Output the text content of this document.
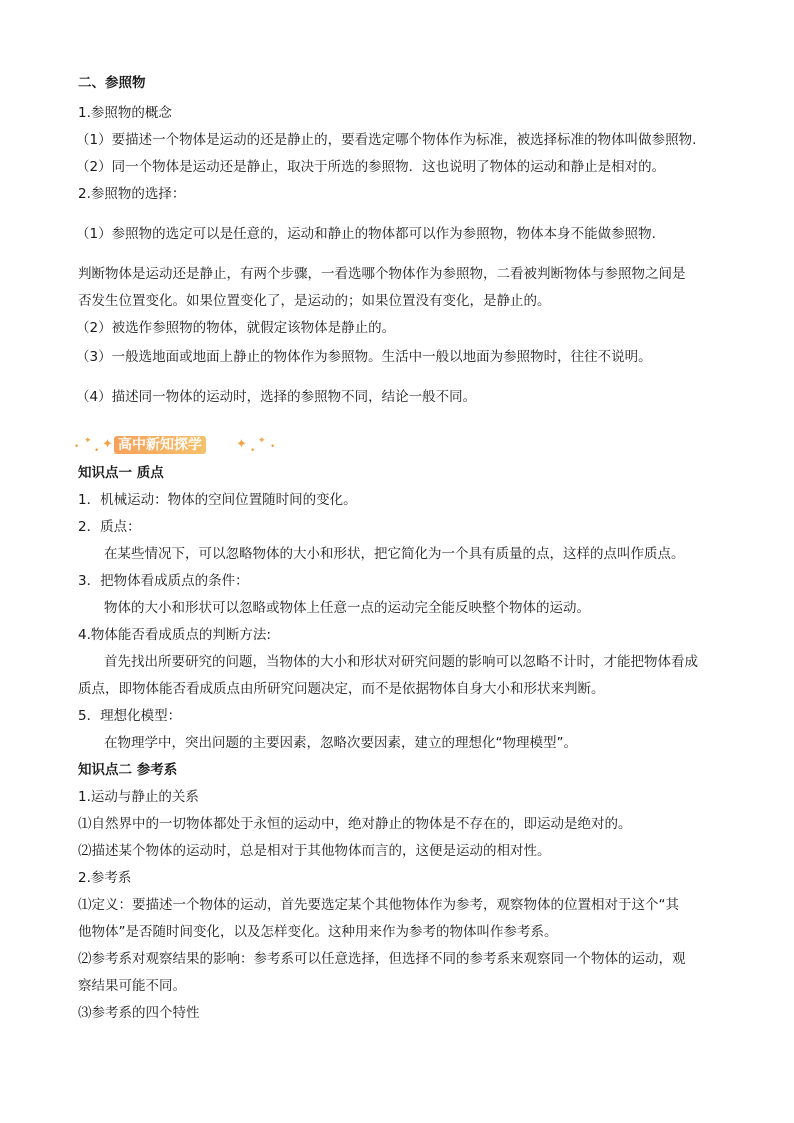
二、参照物
1.参照物的概念
（1）要描述一个物体是运动的还是静止的，要看选定哪个物体作为标准，被选择标准的物体叫做参照物.
（2）同一个物体是运动还是静止，取决于所选的参照物．这也说明了物体的运动和静止是相对的。
2.参照物的选择：
（1）参照物的选定可以是任意的，运动和静止的物体都可以作为参照物，物体本身不能做参照物.
判断物体是运动还是静止，有两个步骤，一看选哪个物体作为参照物，二看被判断物体与参照物之间是
否发生位置变化。如果位置变化了，是运动的；如果位置没有变化，是静止的。
（2）被选作参照物的物体，就假定该物体是静止的。
（3）一般选地面或地面上静止的物体作为参照物。生活中一般以地面为参照物时，往往不说明。
（4）描述同一物体的运动时，选择的参照物不同，结论一般不同。
•
✦
• ✦ 高中新知探学	✦ •
✦
•
知识点一 质点
1．机械运动：物体的空间位置随时间的变化。
2．质点：
在某些情况下，可以忽略物体的大小和形状，把它简化为一个具有质量的点，这样的点叫作质点。
3．把物体看成质点的条件：
物体的大小和形状可以忽略或物体上任意一点的运动完全能反映整个物体的运动。
4.物体能否看成质点的判断方法:
首先找出所要研究的问题，当物体的大小和形状对研究问题的影响可以忽略不计时，才能把物体看成
质点，即物体能否看成质点由所研究问题决定，而不是依据物体自身大小和形状来判断。
5．理想化模型：
在物理学中，突出问题的主要因素，忽略次要因素，建立的理想化“物理模型”。
知识点二 参考系
1.运动与静止的关系
⑴自然界中的一切物体都处于永恒的运动中，绝对静止的物体是不存在的，即运动是绝对的。
⑵描述某个物体的运动时，总是相对于其他物体而言的，这便是运动的相对性。
2.参考系
⑴定义：要描述一个物体的运动，首先要选定某个其他物体作为参考，观察物体的位置相对于这个“其
他物体”是否随时间变化，以及怎样变化。这种用来作为参考的物体叫作参考系。
⑵参考系对观察结果的影响：参考系可以任意选择，但选择不同的参考系来观察同一个物体的运动，观
察结果可能不同。
⑶参考系的四个特性
